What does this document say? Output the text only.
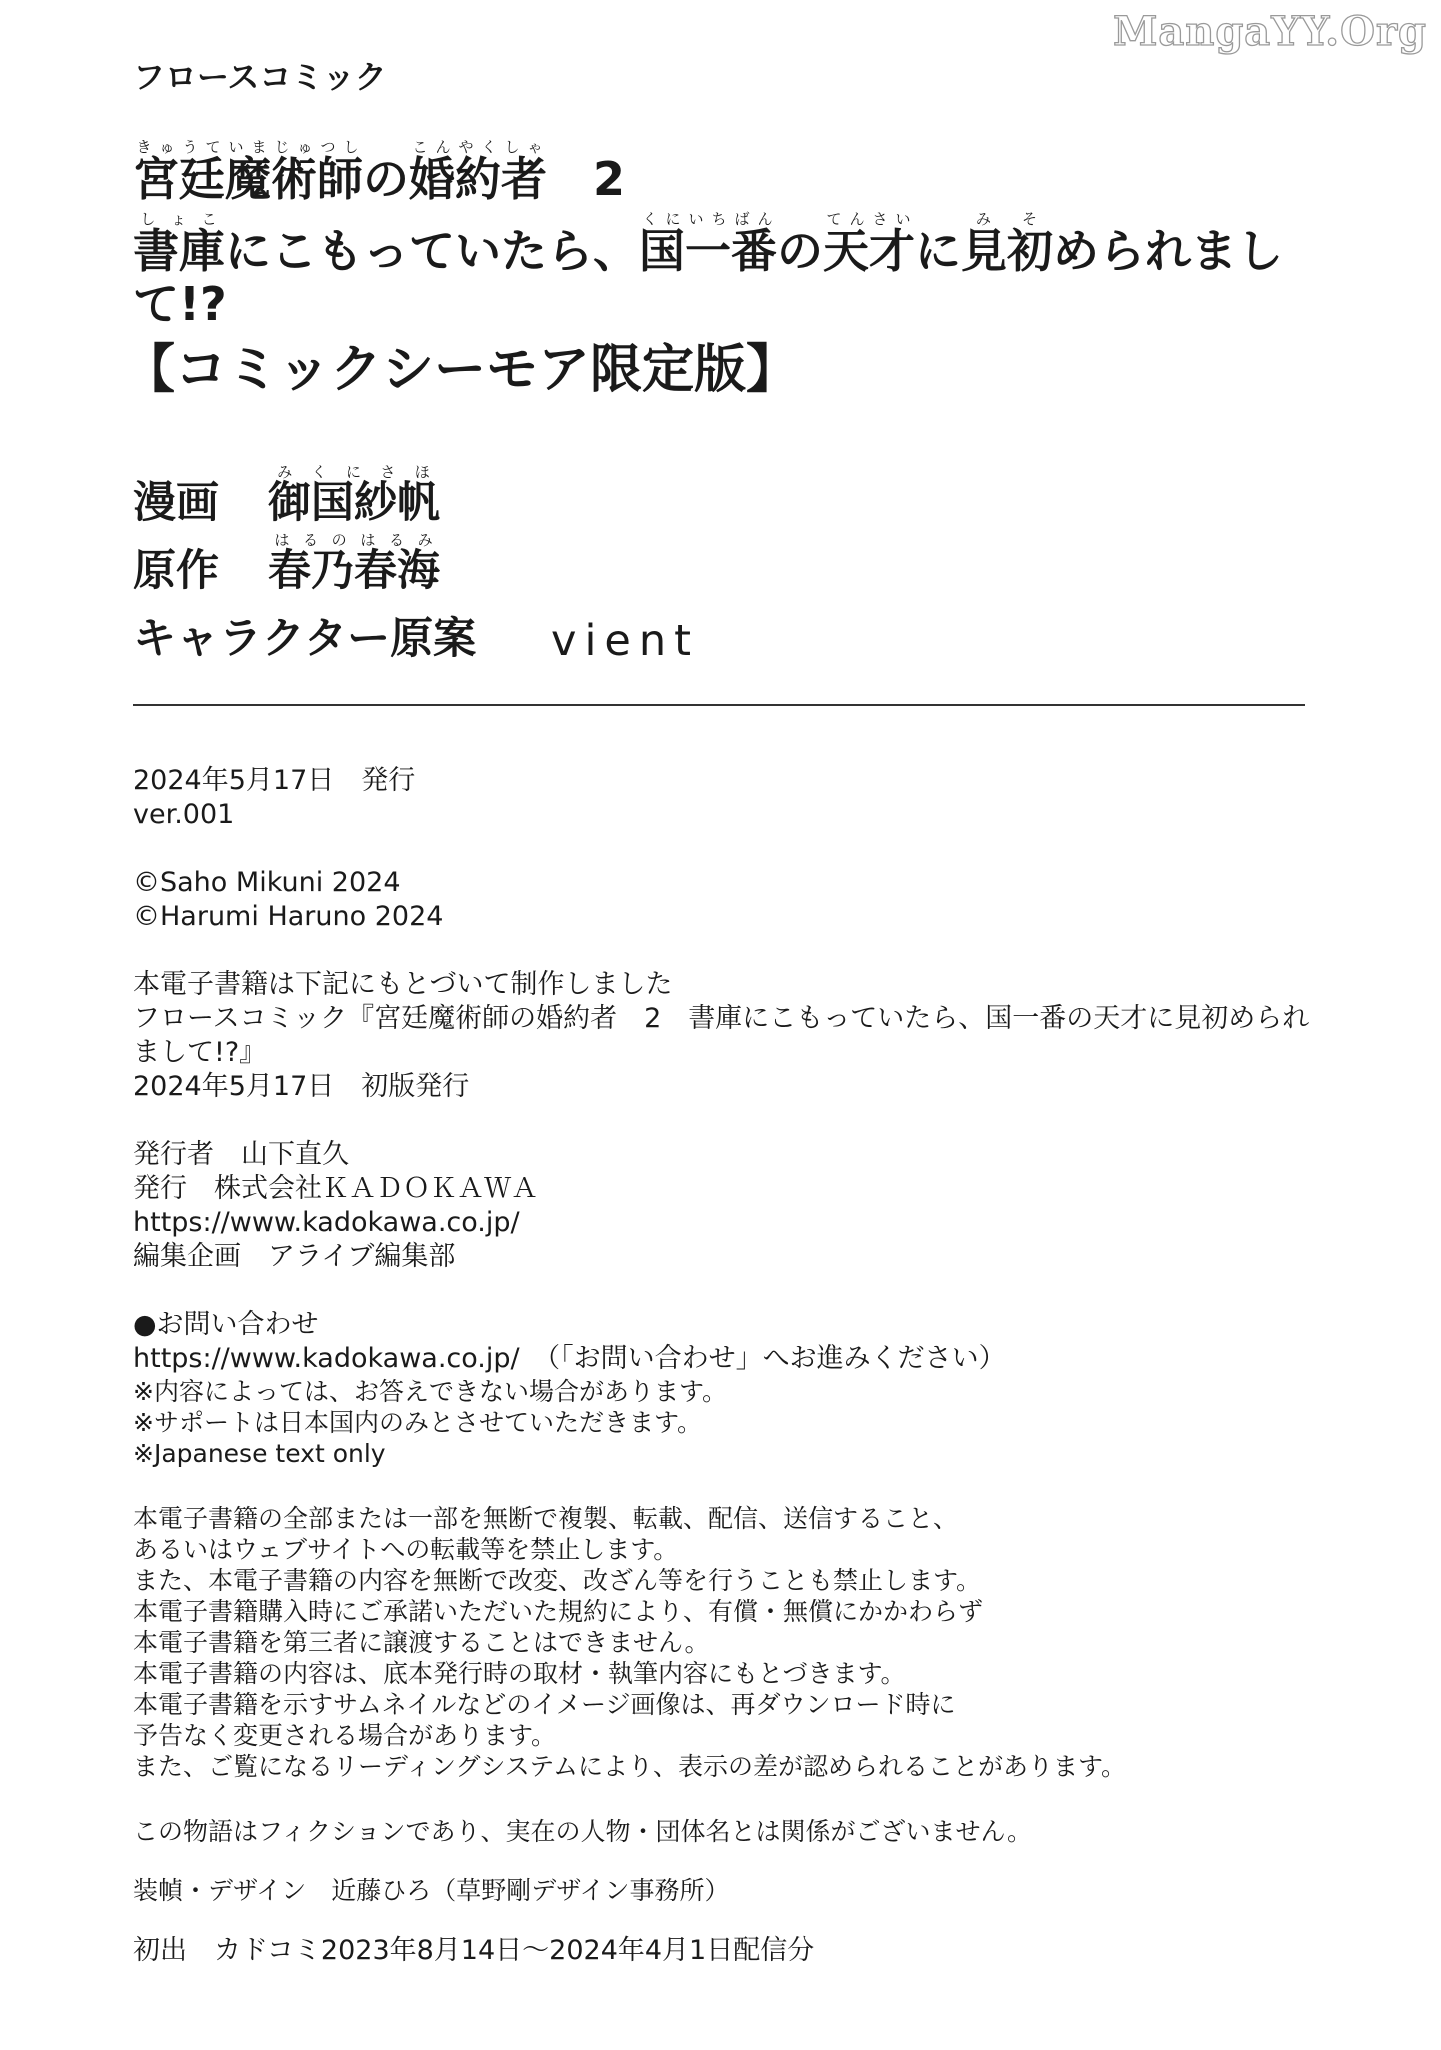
MangaYY.Org
フロースコミック
宮廷魔術師きゅうていまじゅつしの婚約者こんやくしゃ　2
書庫しょこにこもっていたら、国一番くにいちばんの天才てんさいに見初みそめられまして!?
【コミックシーモア限定版】
漫画	御国紗帆みくにさほ
原作	春乃春海はるのはるみ
キャラクター原案	vient

2024年5月17日　発行

ver.001

©Saho Mikuni 2024

©Harumi Haruno 2024

本電子書籍は下記にもとづいて制作しました

フロースコミック『宮廷魔術師の婚約者　2　書庫にこもっていたら、国一番の天才に見初められまして!?』

2024年5月17日　初版発行

発行者　山下直久

発行　株式会社ＫＡＤＯＫＡＷＡ

https://www.kadokawa.co.jp/

編集企画　アライブ編集部

●お問い合わせ

https://www.kadokawa.co.jp/　（「お問い合わせ」へお進みください）

※内容によっては、お答えできない場合があります。

※サポートは日本国内のみとさせていただきます。

※Japanese text only

本電子書籍の全部または一部を無断で複製、転載、配信、送信すること、

あるいはウェブサイトへの転載等を禁止します。

また、本電子書籍の内容を無断で改変、改ざん等を行うことも禁止します。

本電子書籍購入時にご承諾いただいた規約により、有償・無償にかかわらず

本電子書籍を第三者に譲渡することはできません。

本電子書籍の内容は、底本発行時の取材・執筆内容にもとづきます。

本電子書籍を示すサムネイルなどのイメージ画像は、再ダウンロード時に

予告なく変更される場合があります。

また、ご覧になるリーディングシステムにより、表示の差が認められることがあります。

この物語はフィクションであり、実在の人物・団体名とは関係がございません。

装幀・デザイン　近藤ひろ（草野剛デザイン事務所）

初出　カドコミ2023年8月14日～2024年4月1日配信分
